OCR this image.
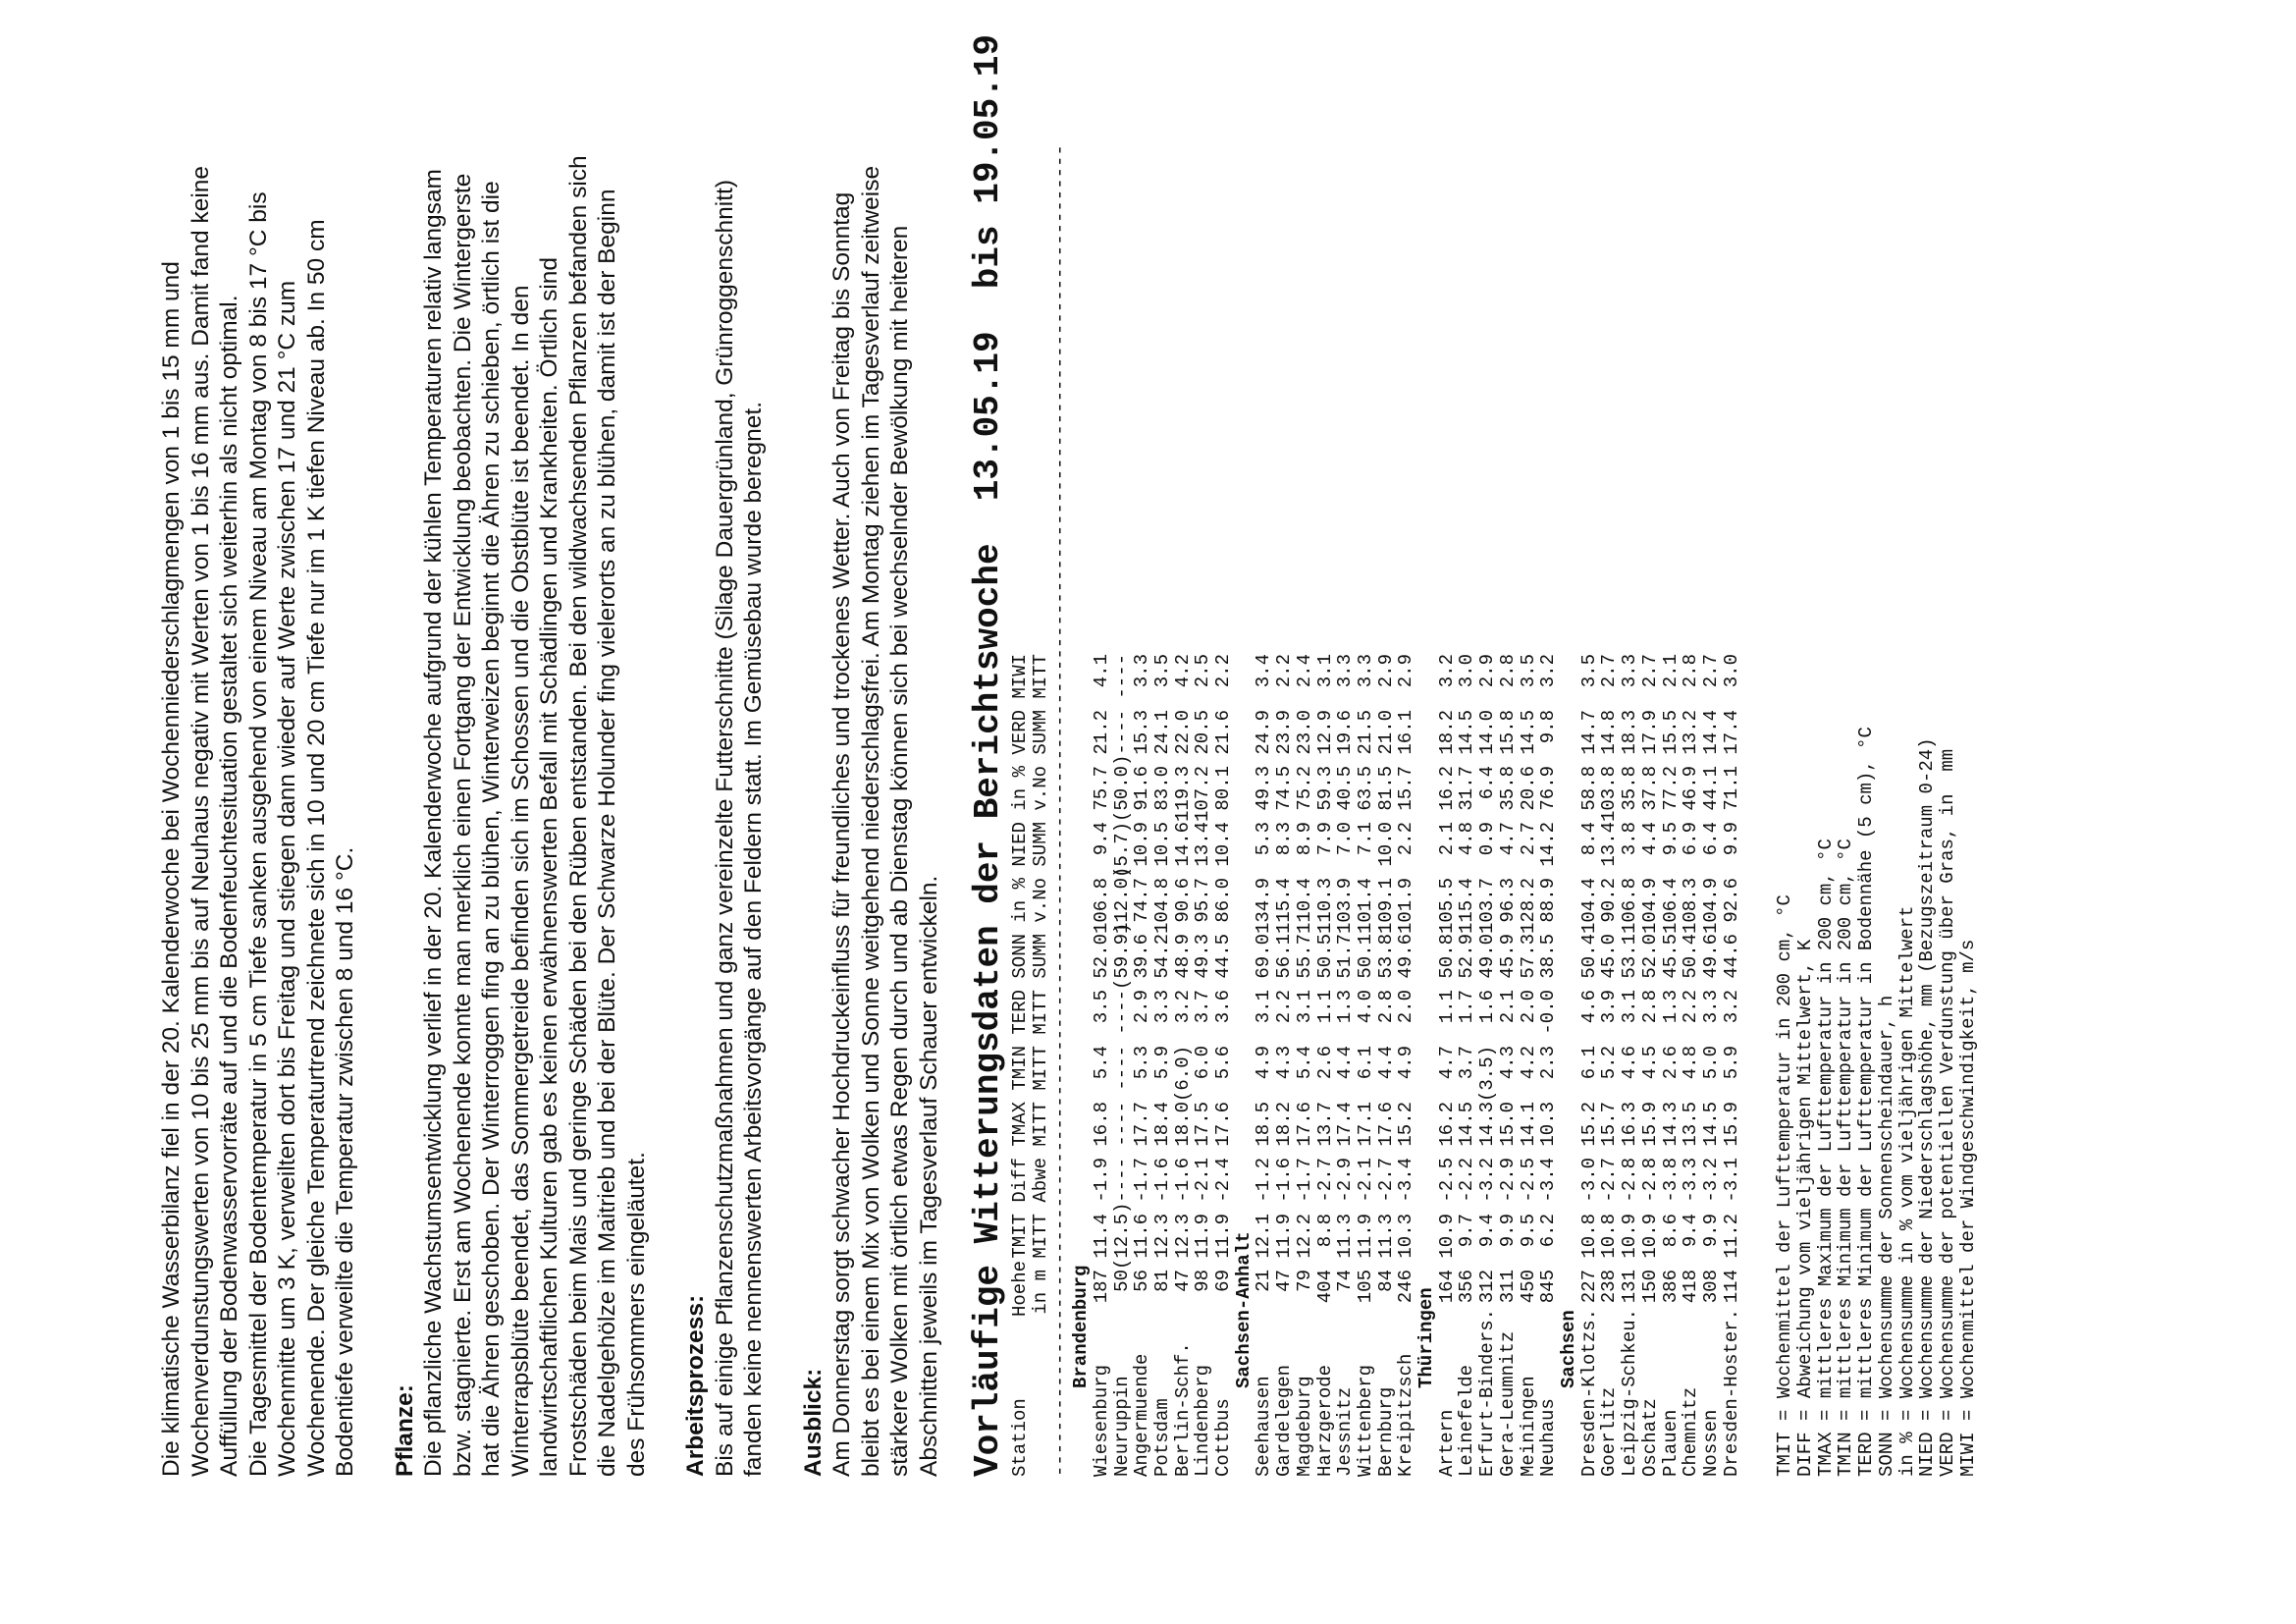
Die klimatische Wasserbilanz fiel in der 20. Kalenderwoche bei Wochenniederschlagmengen von 1 bis 15 mm und Wochenverdunstungswerten von 10 bis 25 mm bis auf Neuhaus negativ mit Werten von 1 bis 16 mm aus. Damit fand keine Auffüllung der Bodenwasservorräte auf und die Bodenfeuchtesituation gestaltet sich weiterhin als nicht optimal. Die Tagesmittel der Bodentemperatur in 5 cm Tiefe sanken ausgehend von einem Niveau am Montag von 8 bis 17 °C bis Wochenmitte um 3 K, verweilten dort bis Freitag und stiegen dann wieder auf Werte zwischen 17 und 21 °C zum Wochenende. Der gleiche Temperaturtrend zeichnete sich in 10 und 20 cm Tiefe nur im 1 K tiefen Niveau ab. In 50 cm Bodentiefe verweilte die Temperatur zwischen 8 und 16 °C. Pflanze: Die pflanzliche Wachstumsentwicklung verlief in der 20. Kalenderwoche aufgrund der kühlen Temperaturen relativ langsam bzw. stagnierte. Erst am Wochenende konnte man merklich einen Fortgang der Entwicklung beobachten. Die Wintergerste hat die Ähren geschoben. Der Winterroggen fing an zu blühen, Winterweizen beginnt die Ähren zu schieben, örtlich ist die Winterrapsblüte beendet, das Sommergetreide befinden sich im Schossen und die Obstblüte ist beendet. In den landwirtschaftlichen Kulturen gab es keinen erwähnenswerten Befall mit Schädlingen und Krankheiten. Örtlich sind Frostschäden beim Mais und geringe Schäden bei den Rüben entstanden. Bei den wildwachsenden Pflanzen befanden sich die Nadelgehölze im Maitrieb und bei der Blüte. Der Schwarze Holunder fing vielerorts an zu blühen, damit ist der Beginn des Frühsommers eingeläutet. Arbeitsprozess: Bis auf einige Pflanzenschutzmaßnahmen und ganz vereinzelte Futterschnitte (Silage Dauergrünland, Grünroggenschnitt) fanden keine nennenswerten Arbeitsvorgänge auf den Feldern statt. Im Gemüsebau wurde beregnet. Ausblick: Am Donnerstag sorgt schwacher Hochdruckeinfluss für freundliches und trockenes Wetter. Auch von Freitag bis Sonntag bleibt es bei einem Mix von Wolken und Sonne weitgehend niederschlagsfrei. Am Montag ziehen im Tagesverlauf zeitweise stärkere Wolken mit örtlich etwas Regen durch und ab Dienstag können sich bei wechselnder Bewölkung mit heiteren Abschnitten jeweils im Tagesverlauf Schauer entwickeln. Vorläufige Witterungsdaten der Berichtswoche  13.05.19  bis 19.05.19 Station
Hoehe
TMIT
Diff
TMAX
TMIN
TERD
SONN
in %
NIED
in %
VERD
MIWI
in m
MITT
Abwe
MITT
MITT
MITT
SUMM
v.No
SUMM
v.No
SUMM
MITT
-----------------------------------------------------------------------------------------------------------------------
Brandenburg
Wiesenburg
187
11.4
-1.9
16.8
5.4
3.5
52.0
106.8
9.4
75.7
21.2
4.1
Neuruppin
50
(12.5)
----
----
----
----
(59.9)
112.0)
(5.7)
(50.0)
----
----
Angermuende
56
11.6
-1.7
17.7
5.3
2.9
39.6
74.7
10.9
91.6
15.3
3.3
Potsdam
81
12.3
-1.6
18.4
5.9
3.3
54.2
104.8
10.5
83.0
24.1
3.5
Berlin-Schf.
47
12.3
-1.6
18.0
(6.0)
3.2
48.9
90.6
14.6
119.3
22.0
4.2
Lindenberg
98
11.9
-2.1
17.5
6.0
3.7
49.3
95.7
13.4
107.2
20.5
2.5
Cottbus
69
11.9
-2.4
17.6
5.6
3.6
44.5
86.0
10.4
80.1
21.6
2.2
Sachsen-Anhalt
Seehausen
21
12.1
-1.2
18.5
4.9
3.1
69.0
134.9
5.3
49.3
24.9
3.4
Gardelegen
47
11.9
-1.6
18.2
4.3
2.2
56.1
115.4
8.3
74.5
23.9
2.2
Magdeburg
79
12.2
-1.7
17.6
5.4
3.1
55.7
110.4
8.9
75.2
23.0
2.4
Harzgerode
404
8.8
-2.7
13.7
2.6
1.1
50.5
110.3
7.9
59.3
12.9
3.1
Jessnitz
74
11.3
-2.9
17.4
4.4
1.3
51.7
103.9
7.0
40.5
19.6
3.3
Wittenberg
105
11.9
-2.1
17.1
6.1
4.0
50.1
101.4
7.1
63.5
21.5
3.3
Bernburg
84
11.3
-2.7
17.6
4.4
2.8
53.8
109.1
10.0
81.5
21.0
2.9
Kreipitzsch
246
10.3
-3.4
15.2
4.9
2.0
49.6
101.9
2.2
15.7
16.1
2.9
Thüringen
Artern
164
10.9
-2.5
16.2
4.7
1.1
50.8
105.5
2.1
16.2
18.2
3.2
Leinefelde
356
9.7
-2.2
14.5
3.7
1.7
52.9
115.4
4.8
31.7
14.5
3.0
Erfurt-Binders.
312
9.4
-3.2
14.3
(3.5)
1.6
49.0
103.7
0.9
6.4
14.0
2.9
Gera-Leumnitz
311
9.9
-2.9
15.0
4.3
2.1
45.9
96.3
4.7
35.8
15.8
2.8
Meiningen
450
9.5
-2.5
14.1
4.2
2.0
57.3
128.2
2.7
20.6
14.5
3.5
Neuhaus
845
6.2
-3.4
10.3
2.3
-0.0
38.5
88.9
14.2
76.9
9.8
3.2
Sachsen
Dresden-Klotzs.
227
10.8
-3.0
15.2
6.1
4.6
50.4
104.4
8.4
58.8
14.7
3.5
Goerlitz
238
10.8
-2.7
15.7
5.2
3.9
45.0
90.2
13.4
103.8
14.8
2.7
Leipzig-Schkeu.
131
10.9
-2.8
16.3
4.6
3.1
53.1
106.8
3.8
35.8
18.3
3.3
Oschatz
150
10.9
-2.8
15.9
4.5
2.8
52.0
104.9
4.4
37.8
17.9
2.7
Plauen
386
8.6
-3.8
14.3
2.6
1.3
45.5
106.4
9.5
77.2
15.5
2.1
Chemnitz
418
9.4
-3.3
13.5
4.8
2.2
50.4
108.3
6.9
46.9
13.2
2.8
Nossen
308
9.9
-3.2
14.5
5.0
3.3
49.6
104.9
6.4
44.1
14.4
2.7
Dresden-Hoster.
114
11.2
-3.1
15.9
5.9
3.2
44.6
92.6
9.9
71.1
17.4
3.0
TMIT = Wochenmittel der Lufttemperatur in 200 cm, °C
DIFF = Abweichung vom vieljährigen Mittelwert, K
TMAX = mittleres Maximum der Lufttemperatur in 200 cm, °C
TMIN = mittleres Minimum der Lufttemperatur in 200 cm, °C
TERD = mittleres Minimum der Lufttemperatur in Bodennähe (5 cm), °C
SONN = Wochensumme der Sonnenscheindauer, h
in % = Wochensumme in % vom vieljährigen Mittelwert
NIED = Wochensumme der Niederschlagshöhe, mm (Bezugszeitraum 0-24)
VERD = Wochensumme der potentiellen Verdunstung über Gras, in  mm
MIWI = Wochenmittel der Windgeschwindigkeit, m/s
